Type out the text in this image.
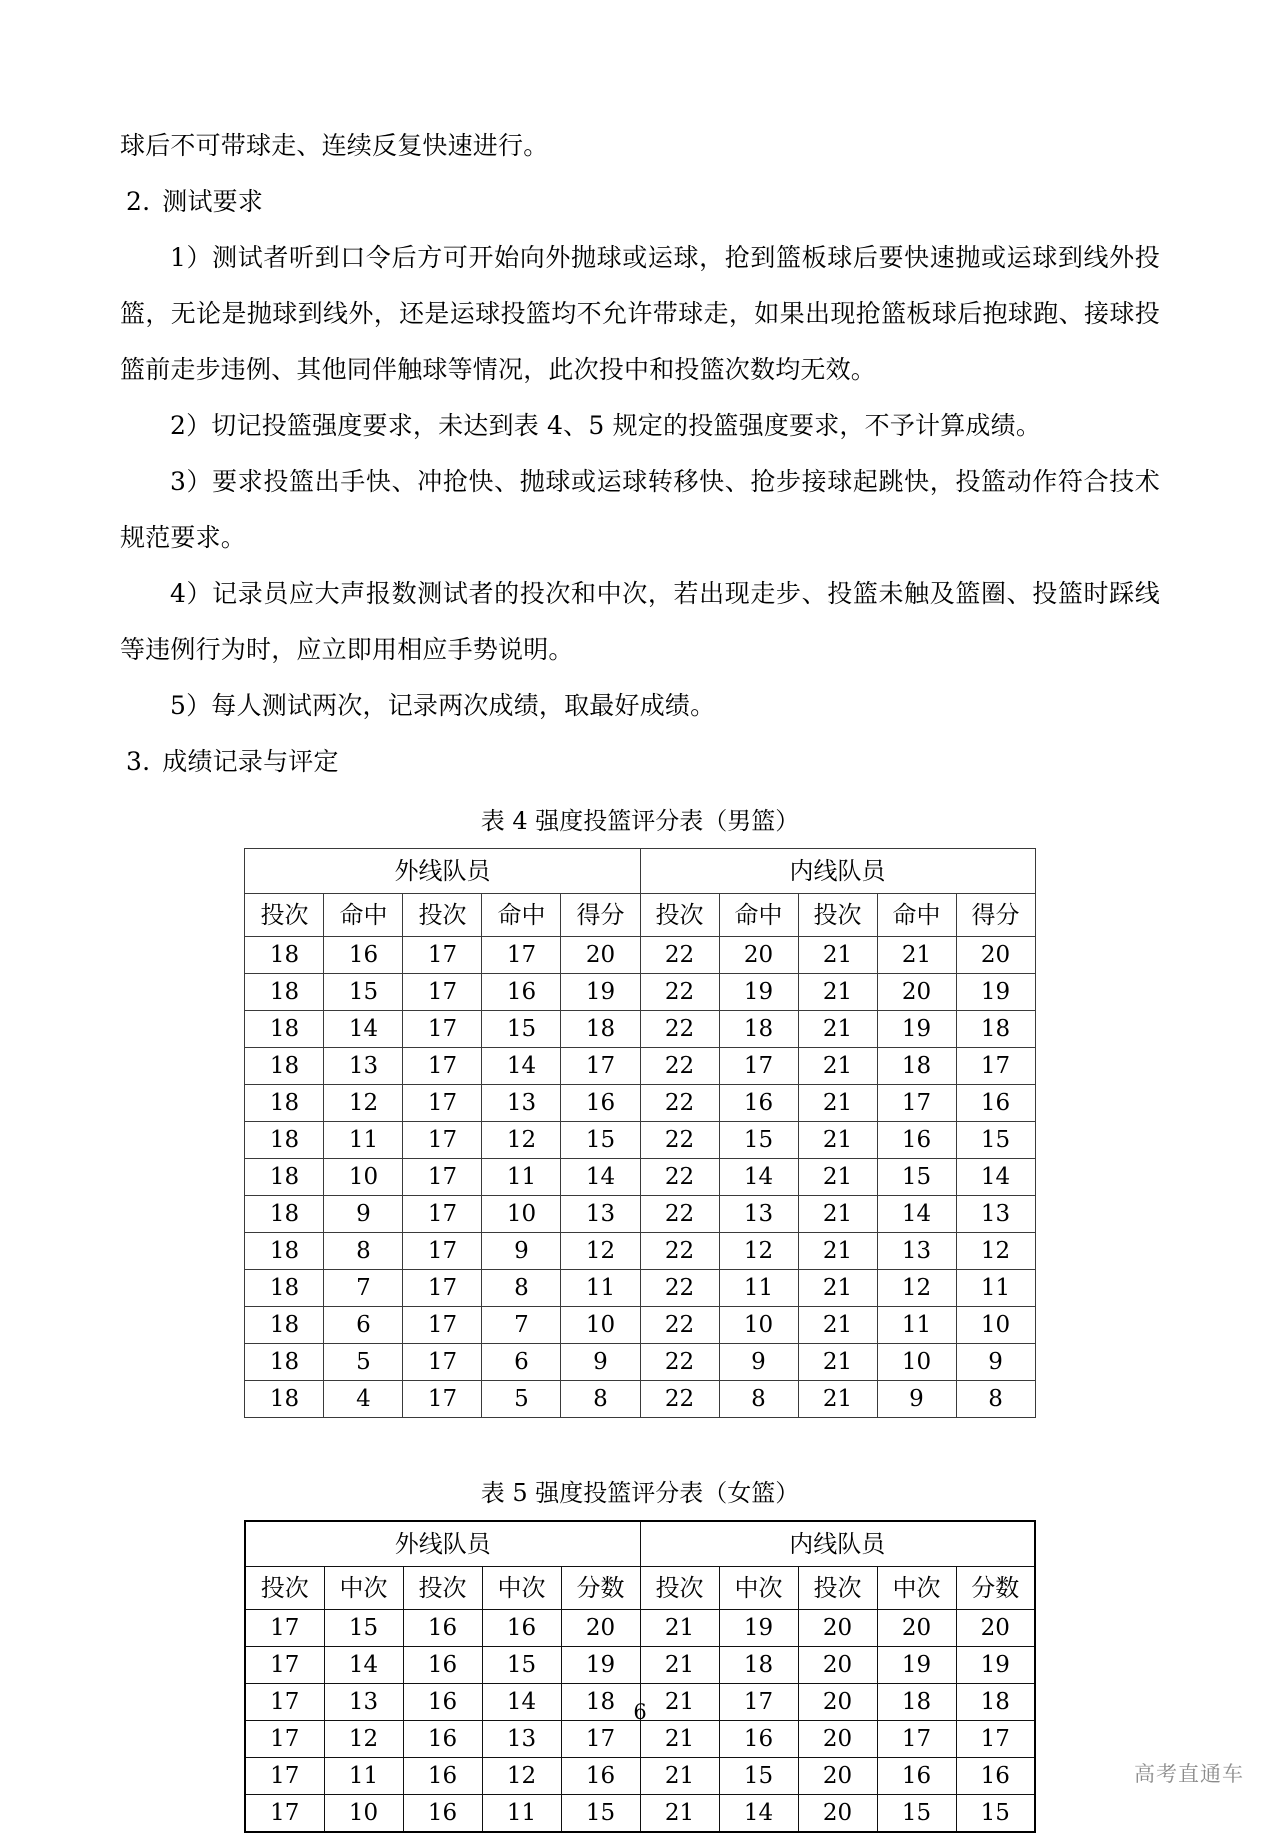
球后不可带球走、连续反复快速进行。

2. 测试要求

1）测试者听到口令后方可开始向外抛球或运球，抢到篮板球后要快速抛或运球到线外投篮，无论是抛球到线外，还是运球投篮均不允许带球走，如果出现抢篮板球后抱球跑、接球投篮前走步违例、其他同伴触球等情况，此次投中和投篮次数均无效。

2）切记投篮强度要求，未达到表 4、5 规定的投篮强度要求，不予计算成绩。

3）要求投篮出手快、冲抢快、抛球或运球转移快、抢步接球起跳快，投篮动作符合技术规范要求。

4）记录员应大声报数测试者的投次和中次，若出现走步、投篮未触及篮圈、投篮时踩线等违例行为时，应立即用相应手势说明。

5）每人测试两次，记录两次成绩，取最好成绩。

3. 成绩记录与评定

表 4 强度投篮评分表（男篮）
外线队员					内线队员				
投次	命中	投次	命中	得分	投次	命中	投次	命中	得分
18	16	17	17	20	22	20	21	21	20
18	15	17	16	19	22	19	21	20	19
18	14	17	15	18	22	18	21	19	18
18	13	17	14	17	22	17	21	18	17
18	12	17	13	16	22	16	21	17	16
18	11	17	12	15	22	15	21	16	15
18	10	17	11	14	22	14	21	15	14
18	9	17	10	13	22	13	21	14	13
18	8	17	9	12	22	12	21	13	12
18	7	17	8	11	22	11	21	12	11
18	6	17	7	10	22	10	21	11	10
18	5	17	6	9	22	9	21	10	9
18	4	17	5	8	22	8	21	9	8
表 5 强度投篮评分表（女篮）
外线队员					内线队员				
投次	中次	投次	中次	分数	投次	中次	投次	中次	分数
17	15	16	16	20	21	19	20	20	20
17	14	16	15	19	21	18	20	19	19
17	13	16	14	18	21	17	20	18	18
17	12	16	13	17	21	16	20	17	17
17	11	16	12	16	21	15	20	16	16
17	10	16	11	15	21	14	20	15	15
6
高考直通车
